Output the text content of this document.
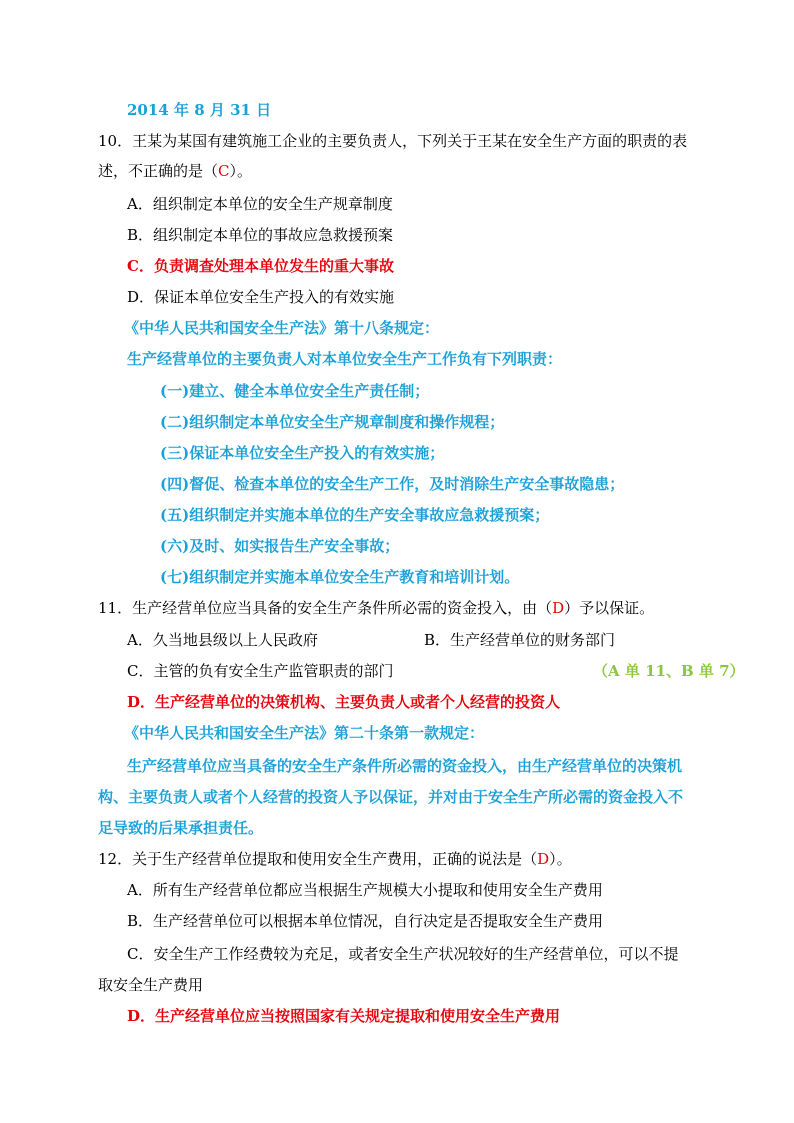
2014 年 8 月 31 日
10．王某为某国有建筑施工企业的主要负责人，下列关于王某在安全生产方面的职责的表
述，不正确的是（C）。
A．组织制定本单位的安全生产规章制度
B．组织制定本单位的事故应急救援预案
C．负责调查处理本单位发生的重大事故
D．保证本单位安全生产投入的有效实施
《中华人民共和国安全生产法》第十八条规定：
生产经营单位的主要负责人对本单位安全生产工作负有下列职责：
(一)建立、健全本单位安全生产责任制；
(二)组织制定本单位安全生产规章制度和操作规程；
(三)保证本单位安全生产投入的有效实施；
(四)督促、检查本单位的安全生产工作，及时消除生产安全事故隐患；
(五)组织制定并实施本单位的生产安全事故应急救援预案；
(六)及时、如实报告生产安全事故；
(七)组织制定并实施本单位安全生产教育和培训计划。
11．生产经营单位应当具备的安全生产条件所必需的资金投入，由（D）予以保证。
A．久当地县级以上人民政府	B．生产经营单位的财务部门
C．主管的负有安全生产监管职责的部门	（A 单 11、B 单 7）
D．生产经营单位的决策机构、主要负责人或者个人经营的投资人
《中华人民共和国安全生产法》第二十条第一款规定：
生产经营单位应当具备的安全生产条件所必需的资金投入，由生产经营单位的决策机
构、主要负责人或者个人经营的投资人予以保证，并对由于安全生产所必需的资金投入不
足导致的后果承担责任。
12．关于生产经营单位提取和使用安全生产费用，正确的说法是（D）。
A．所有生产经营单位都应当根据生产规模大小提取和使用安全生产费用
B．生产经营单位可以根据本单位情况，自行决定是否提取安全生产费用
C．安全生产工作经费较为充足，或者安全生产状况较好的生产经营单位，可以不提
取安全生产费用
D．生产经营单位应当按照国家有关规定提取和使用安全生产费用
